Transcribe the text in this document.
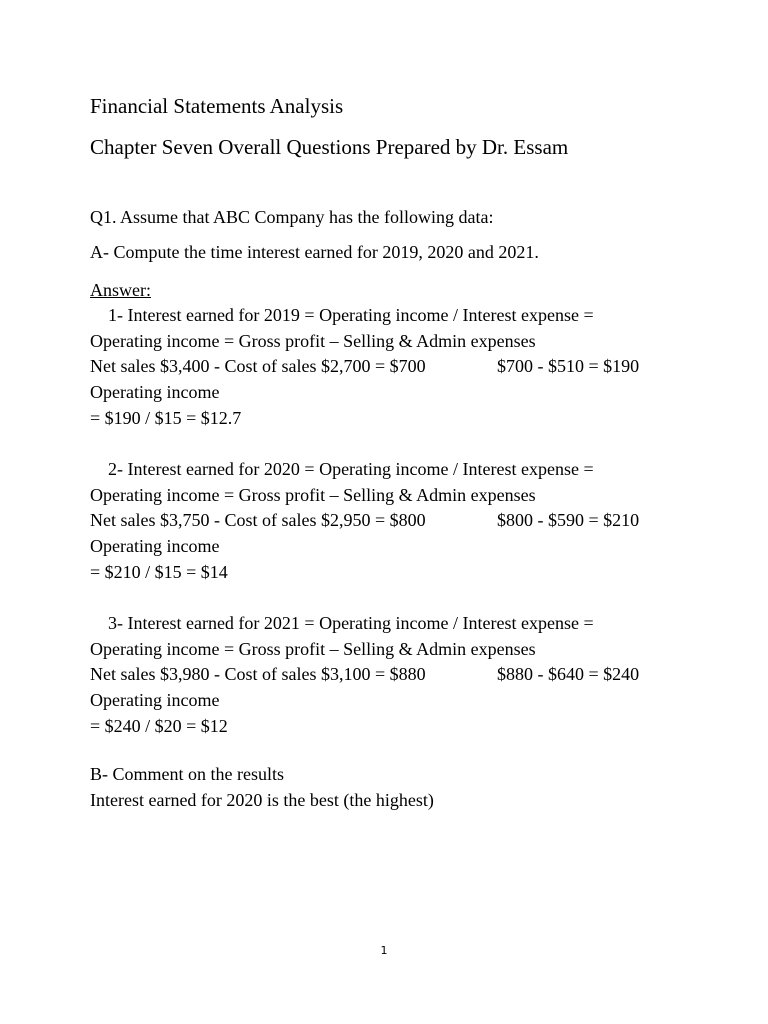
Financial Statements Analysis
Chapter Seven Overall Questions Prepared by Dr. Essam
Q1. Assume that ABC Company has the following data:
A- Compute the time interest earned for 2019, 2020 and 2021.
Answer:
1- Interest earned for 2019 = Operating income / Interest expense =
Operating income = Gross profit – Selling & Admin expenses
Net sales $3,400 - Cost of sales $2,700 = $700	$700 - $510 = $190
Operating income
= $190 / $15 = $12.7
2- Interest earned for 2020 = Operating income / Interest expense =
Operating income = Gross profit – Selling & Admin expenses
Net sales $3,750 - Cost of sales $2,950 = $800	$800 - $590 = $210
Operating income
= $210 / $15 = $14
3- Interest earned for 2021 = Operating income / Interest expense =
Operating income = Gross profit – Selling & Admin expenses
Net sales $3,980 - Cost of sales $3,100 = $880	$880 - $640 = $240
Operating income
= $240 / $20 = $12
B- Comment on the results
Interest earned for 2020 is the best (the highest)
1
